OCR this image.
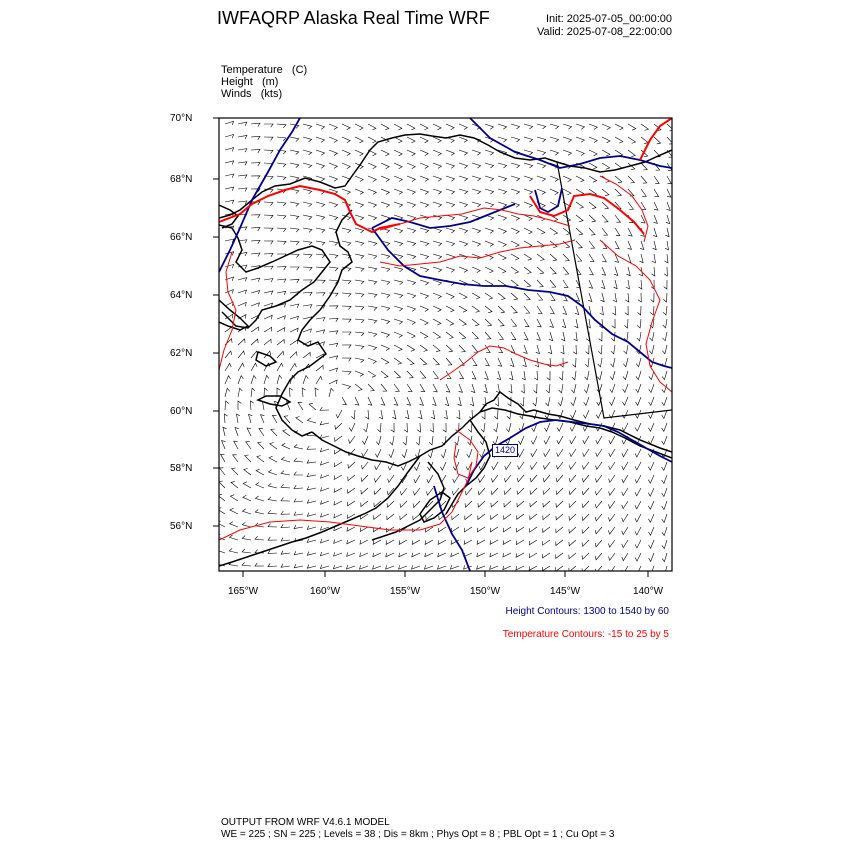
IWFAQRP Alaska Real Time WRF	Init: 2025-07-05_00:00:00
Valid: 2025-07-08_22:00:00
Temperature   (C)
Height   (m)
Winds   (kts)
1420
70°N
68°N
66°N
64°N
62°N
60°N
58°N
56°N
165°W	160°W	155°W	150°W	145°W	140°W
Height Contours: 1300 to 1540 by 60
Temperature Contours: -15 to 25 by 5
OUTPUT FROM WRF V4.6.1 MODEL
WE = 225 ; SN = 225 ; Levels = 38 ; Dis = 8km ; Phys Opt = 8 ; PBL Opt = 1 ; Cu Opt = 3
